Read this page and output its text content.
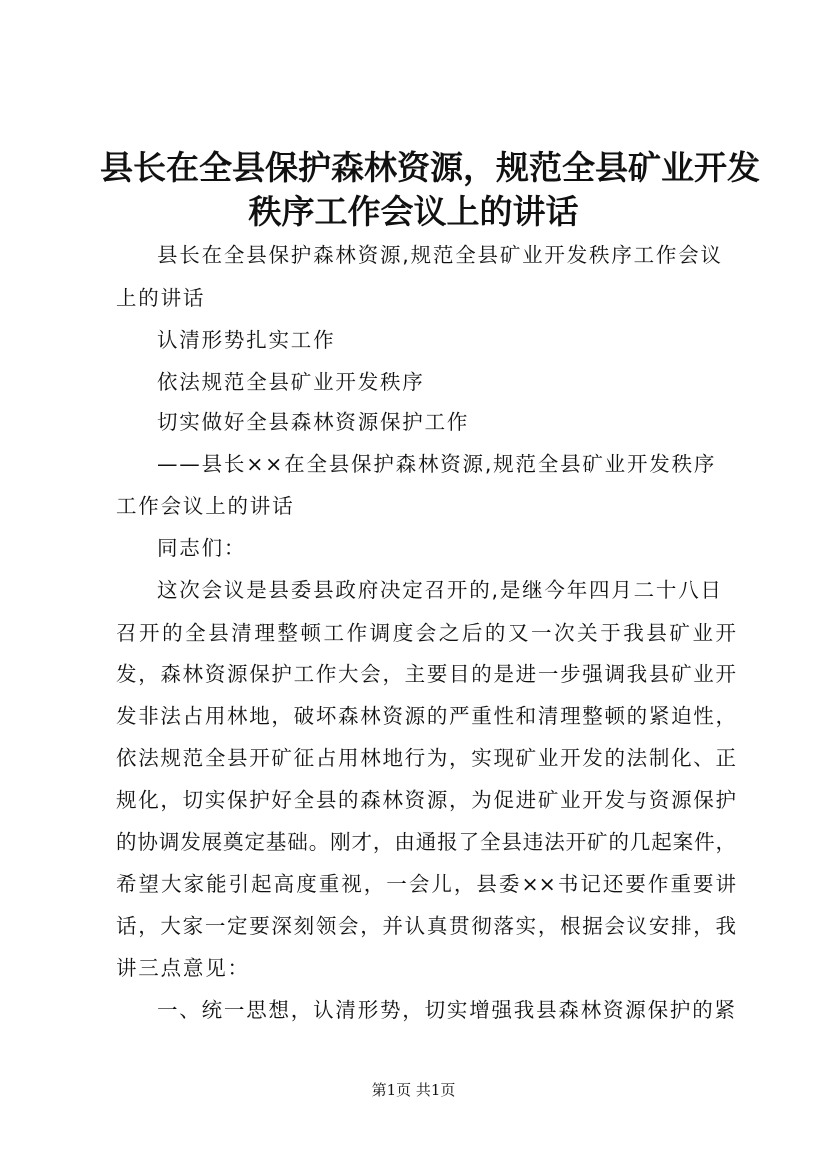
县长在全县保护森林资源，规范全县矿业开发
秩序工作会议上的讲话
县长在全县保护森林资源,规范全县矿业开发秩序工作会议
上的讲话
认清形势扎实工作
依法规范全县矿业开发秩序
切实做好全县森林资源保护工作
——县长××在全县保护森林资源,规范全县矿业开发秩序
工作会议上的讲话
同志们：
这次会议是县委县政府决定召开的,是继今年四月二十八日
召开的全县清理整顿工作调度会之后的又一次关于我县矿业开
发，森林资源保护工作大会，主要目的是进一步强调我县矿业开
发非法占用林地，破坏森林资源的严重性和清理整顿的紧迫性，
依法规范全县开矿征占用林地行为，实现矿业开发的法制化、正
规化，切实保护好全县的森林资源，为促进矿业开发与资源保护
的协调发展奠定基础。刚才，由通报了全县违法开矿的几起案件，
希望大家能引起高度重视，一会儿，县委××书记还要作重要讲
话，大家一定要深刻领会，并认真贯彻落实，根据会议安排，我
讲三点意见：
一、统一思想，认清形势，切实增强我县森林资源保护的紧
第1页 共1页
